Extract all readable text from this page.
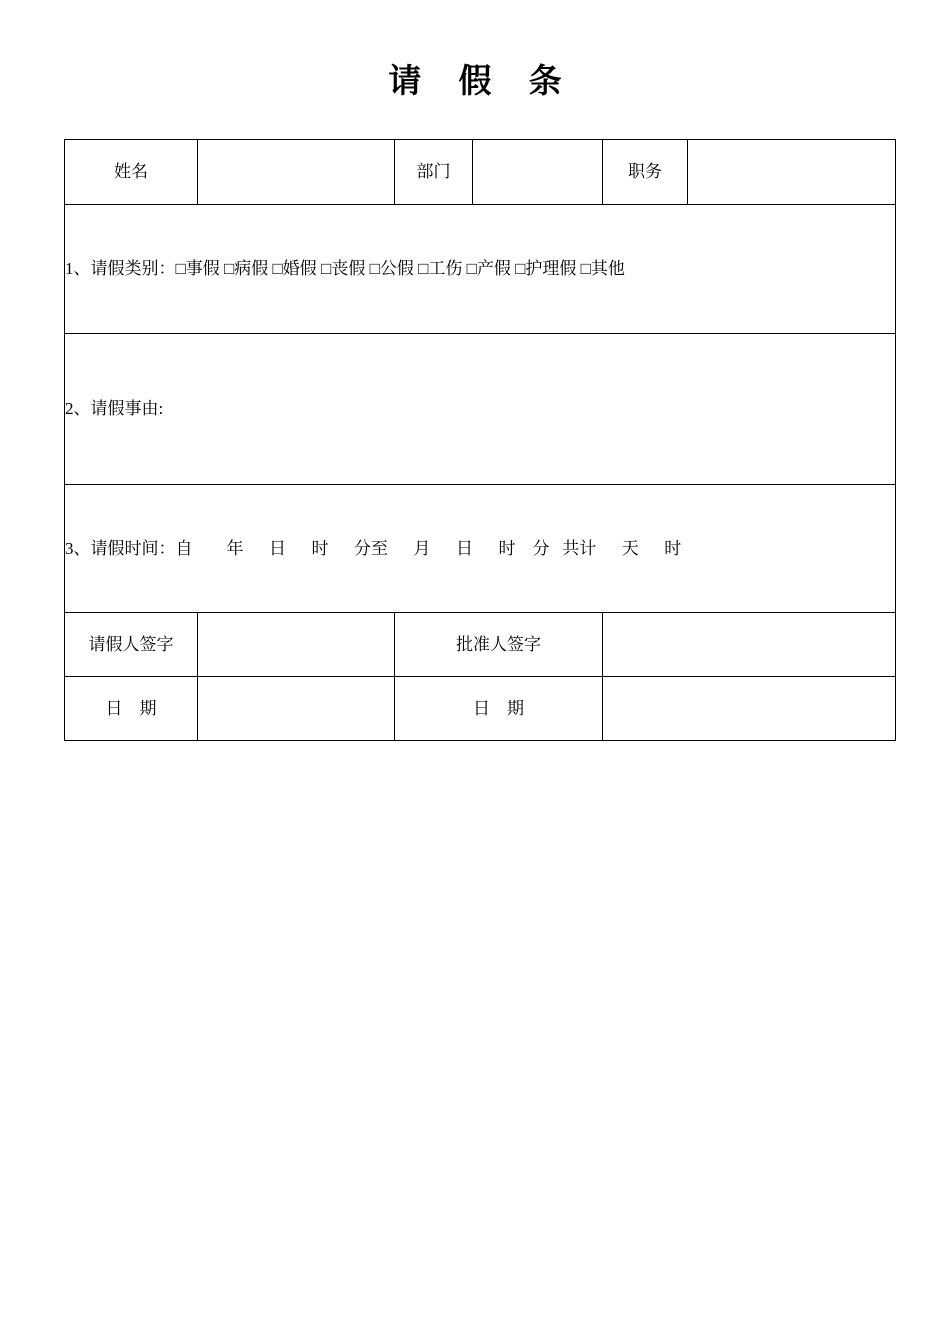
请 假 条
姓名		部门		职务	

1、请假类别：□事假 □病假 □婚假 □丧假 □公假 □工伤 □产假 □护理假 □其他					

2、请假事由:					

3、请假时间：自        年      日      时      分至      月      日      时    分   共计      天      时					

请假人签字		批准人签字			
日    期		日    期			
